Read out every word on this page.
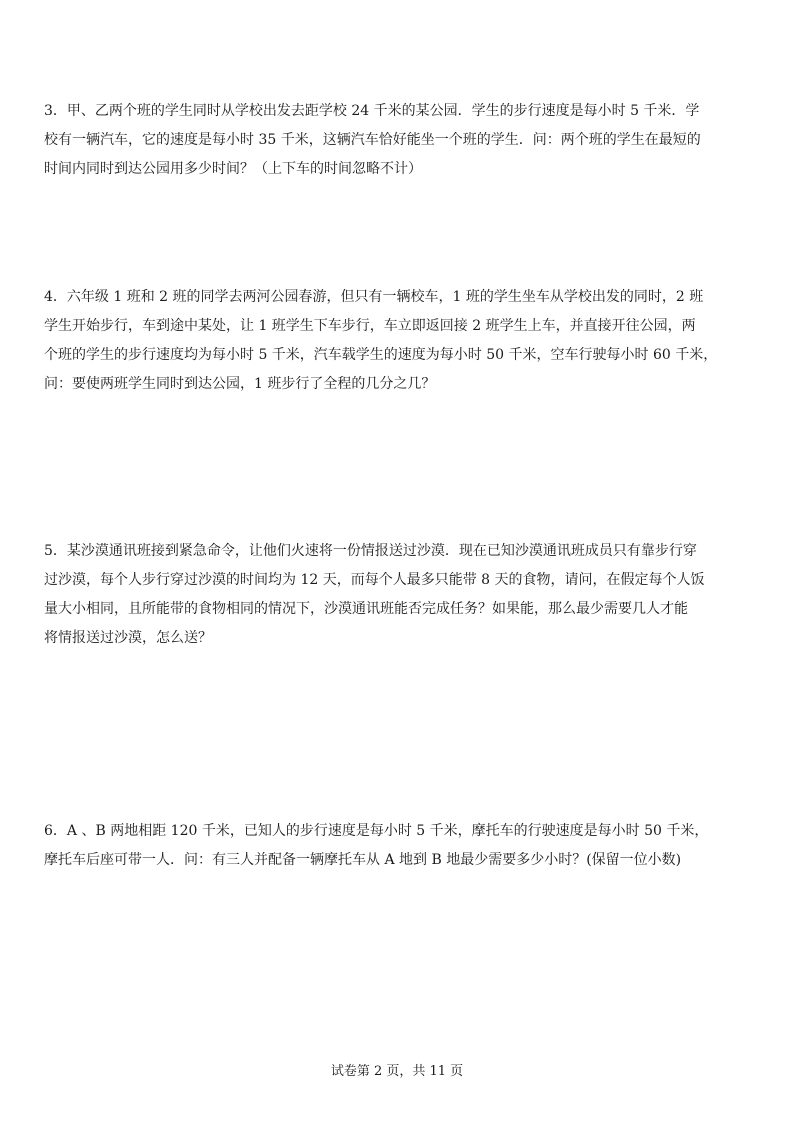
3．甲、乙两个班的学生同时从学校出发去距学校 24 千米的某公园．学生的步行速度是每小时 5 千米．学
校有一辆汽车，它的速度是每小时 35 千米，这辆汽车恰好能坐一个班的学生．问：两个班的学生在最短的
时间内同时到达公园用多少时间？（上下车的时间忽略不计）
4．六年级 1 班和 2 班的同学去两河公园春游，但只有一辆校车，1 班的学生坐车从学校出发的同时，2 班
学生开始步行，车到途中某处，让 1 班学生下车步行，车立即返回接 2 班学生上车，并直接开往公园，两
个班的学生的步行速度均为每小时 5 千米，汽车载学生的速度为每小时 50 千米，空车行驶每小时 60 千米，
问：要使两班学生同时到达公园，1 班步行了全程的几分之几？
5．某沙漠通讯班接到紧急命令，让他们火速将一份情报送过沙漠．现在已知沙漠通讯班成员只有靠步行穿
过沙漠，每个人步行穿过沙漠的时间均为 12 天，而每个人最多只能带 8 天的食物，请问，在假定每个人饭
量大小相同，且所能带的食物相同的情况下，沙漠通讯班能否完成任务？如果能，那么最少需要几人才能
将情报送过沙漠，怎么送？
6．A 、B 两地相距 120 千米，已知人的步行速度是每小时 5 千米，摩托车的行驶速度是每小时 50 千米，
摩托车后座可带一人．问：有三人并配备一辆摩托车从 A 地到 B 地最少需要多少小时？(保留一位小数)
试卷第 2 页，共 11 页
